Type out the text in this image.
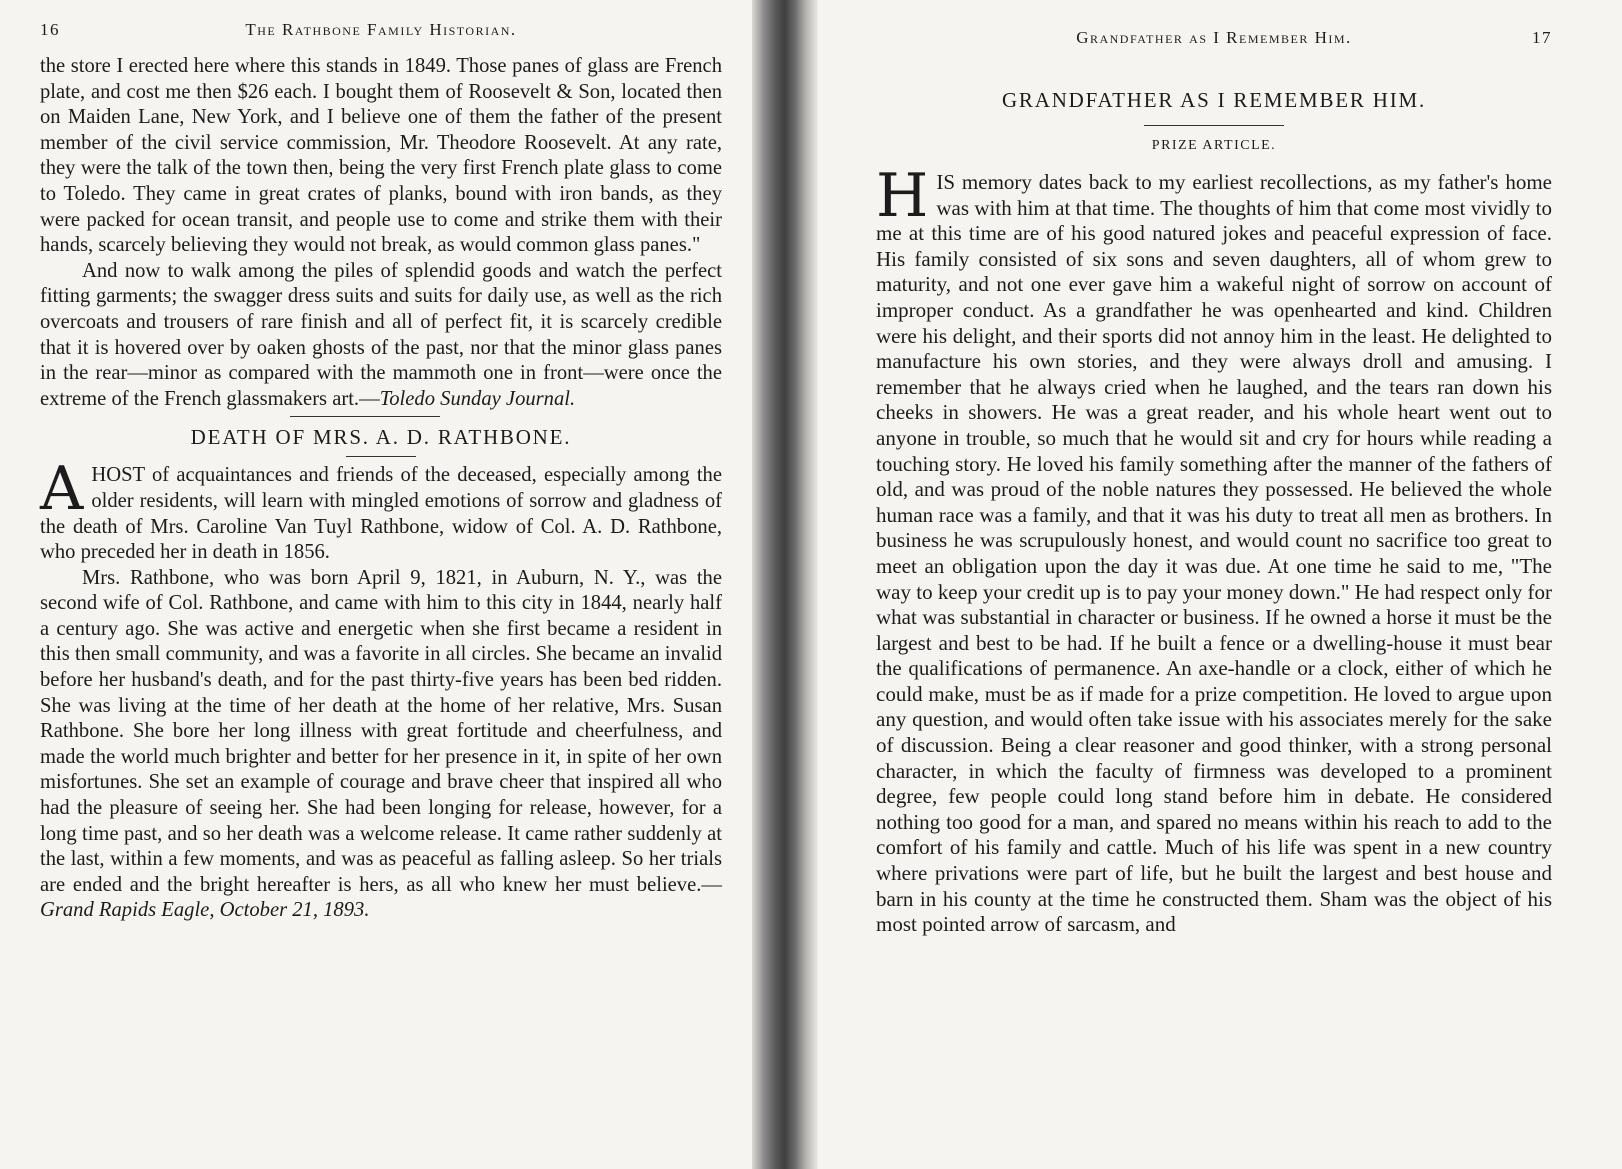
16	The Rathbone Family Historian.

the store I erected here where this stands in 1849. Those panes of glass are French plate, and cost me then $26 each. I bought them of Roosevelt & Son, located then on Maiden Lane, New York, and I believe one of them the father of the present member of the civil service commission, Mr. Theodore Roosevelt. At any rate, they were the talk of the town then, being the very first French plate glass to come to Toledo. They came in great crates of planks, bound with iron bands, as they were packed for ocean transit, and people use to come and strike them with their hands, scarcely believing they would not break, as would common glass panes."

And now to walk among the piles of splendid goods and watch the perfect fitting garments; the swagger dress suits and suits for daily use, as well as the rich overcoats and trousers of rare finish and all of perfect fit, it is scarcely credible that it is hovered over by oaken ghosts of the past, nor that the minor glass panes in the rear—minor as compared with the mammoth one in front—were once the extreme of the French glassmakers art.—Toledo Sunday Journal.

DEATH OF MRS. A. D. RATHBONE.

AHOST of acquaintances and friends of the deceased, especially among the older residents, will learn with mingled emotions of sorrow and gladness of the death of Mrs. Caroline Van Tuyl Rathbone, widow of Col. A. D. Rathbone, who preceded her in death in 1856.

Mrs. Rathbone, who was born April 9, 1821, in Auburn, N. Y., was the second wife of Col. Rathbone, and came with him to this city in 1844, nearly half a century ago. She was active and energetic when she first became a resident in this then small community, and was a favorite in all circles. She became an invalid before her husband's death, and for the past thirty-five years has been bed ridden. She was living at the time of her death at the home of her relative, Mrs. Susan Rathbone. She bore her long illness with great fortitude and cheerfulness, and made the world much brighter and better for her presence in it, in spite of her own misfortunes. She set an example of courage and brave cheer that inspired all who had the pleasure of seeing her. She had been longing for release, however, for a long time past, and so her death was a welcome release. It came rather suddenly at the last, within a few moments, and was as peaceful as falling asleep. So her trials are ended and the bright hereafter is hers, as all who knew her must believe.—Grand Rapids Eagle, October 21, 1893.

Grandfather as I Remember Him.	17
GRANDFATHER AS I REMEMBER HIM.
PRIZE ARTICLE.

HIS memory dates back to my earliest recollections, as my father's home was with him at that time. The thoughts of him that come most vividly to me at this time are of his good natured jokes and peaceful expression of face. His family consisted of six sons and seven daughters, all of whom grew to maturity, and not one ever gave him a wakeful night of sorrow on account of improper conduct. As a grandfather he was openhearted and kind. Children were his delight, and their sports did not annoy him in the least. He delighted to manufacture his own stories, and they were always droll and amusing. I remember that he always cried when he laughed, and the tears ran down his cheeks in showers. He was a great reader, and his whole heart went out to anyone in trouble, so much that he would sit and cry for hours while reading a touching story. He loved his family something after the manner of the fathers of old, and was proud of the noble natures they possessed. He believed the whole human race was a family, and that it was his duty to treat all men as brothers. In business he was scrupulously honest, and would count no sacrifice too great to meet an obligation upon the day it was due. At one time he said to me, "The way to keep your credit up is to pay your money down." He had respect only for what was substantial in character or business. If he owned a horse it must be the largest and best to be had. If he built a fence or a dwelling-house it must bear the qualifications of permanence. An axe-handle or a clock, either of which he could make, must be as if made for a prize competition. He loved to argue upon any question, and would often take issue with his associates merely for the sake of discussion. Being a clear reasoner and good thinker, with a strong personal character, in which the faculty of firmness was developed to a prominent degree, few people could long stand before him in debate. He considered nothing too good for a man, and spared no means within his reach to add to the comfort of his family and cattle. Much of his life was spent in a new country where privations were part of life, but he built the largest and best house and barn in his county at the time he constructed them. Sham was the object of his most pointed arrow of sarcasm, and
